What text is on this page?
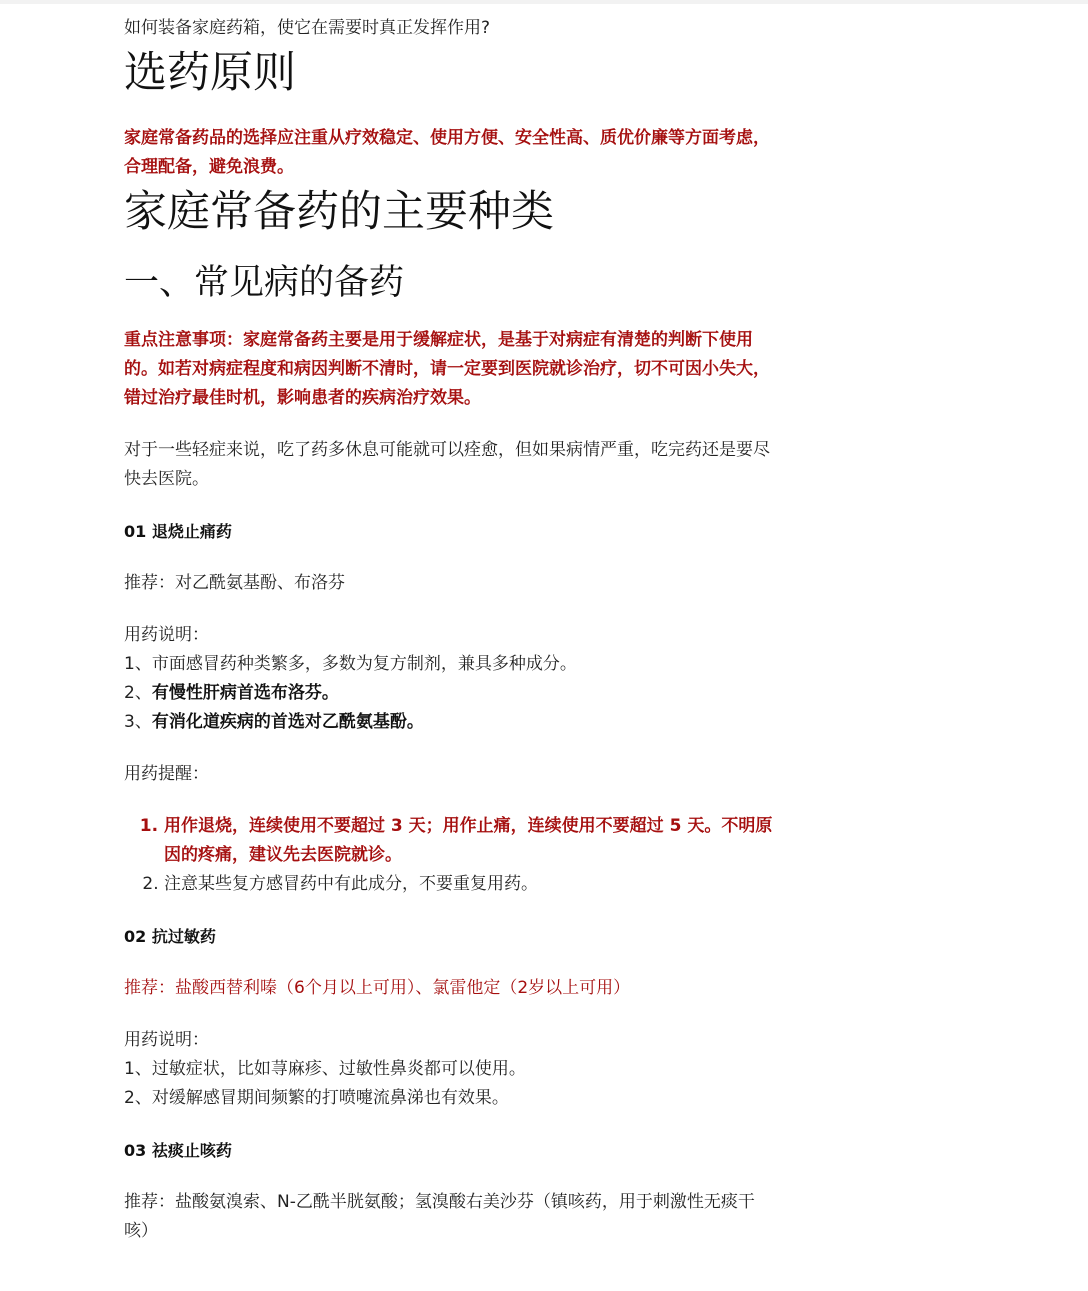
如何装备家庭药箱，使它在需要时真正发挥作用?

选药原则

家庭常备药品的选择应注重从疗效稳定、使用方便、安全性高、质优价廉等方面考虑，合理配备，避免浪费。

家庭常备药的主要种类
一、常见病的备药

重点注意事项：家庭常备药主要是用于缓解症状，是基于对病症有清楚的判断下使用的。如若对病症程度和病因判断不清时，请一定要到医院就诊治疗，切不可因小失大，错过治疗最佳时机，影响患者的疾病治疗效果。

对于一些轻症来说，吃了药多休息可能就可以痊愈，但如果病情严重，吃完药还是要尽快去医院。

01 退烧止痛药

推荐：对乙酰氨基酚、布洛芬

用药说明：
1、市面感冒药种类繁多，多数为复方制剂，兼具多种成分。
2、有慢性肝病首选布洛芬。
3、有消化道疾病的首选对乙酰氨基酚。

用药提醒：

1. 用作退烧，连续使用不要超过 3 天；用作止痛，连续使用不要超过 5 天。不明原因的疼痛，建议先去医院就诊。
2. 注意某些复方感冒药中有此成分，不要重复用药。

02 抗过敏药

推荐：盐酸西替利嗪（6个月以上可用）、氯雷他定（2岁以上可用）

用药说明：
1、过敏症状，比如荨麻疹、过敏性鼻炎都可以使用。
2、对缓解感冒期间频繁的打喷嚏流鼻涕也有效果。

03 祛痰止咳药

推荐：盐酸氨溴索、N-乙酰半胱氨酸；氢溴酸右美沙芬（镇咳药，用于刺激性无痰干咳）
